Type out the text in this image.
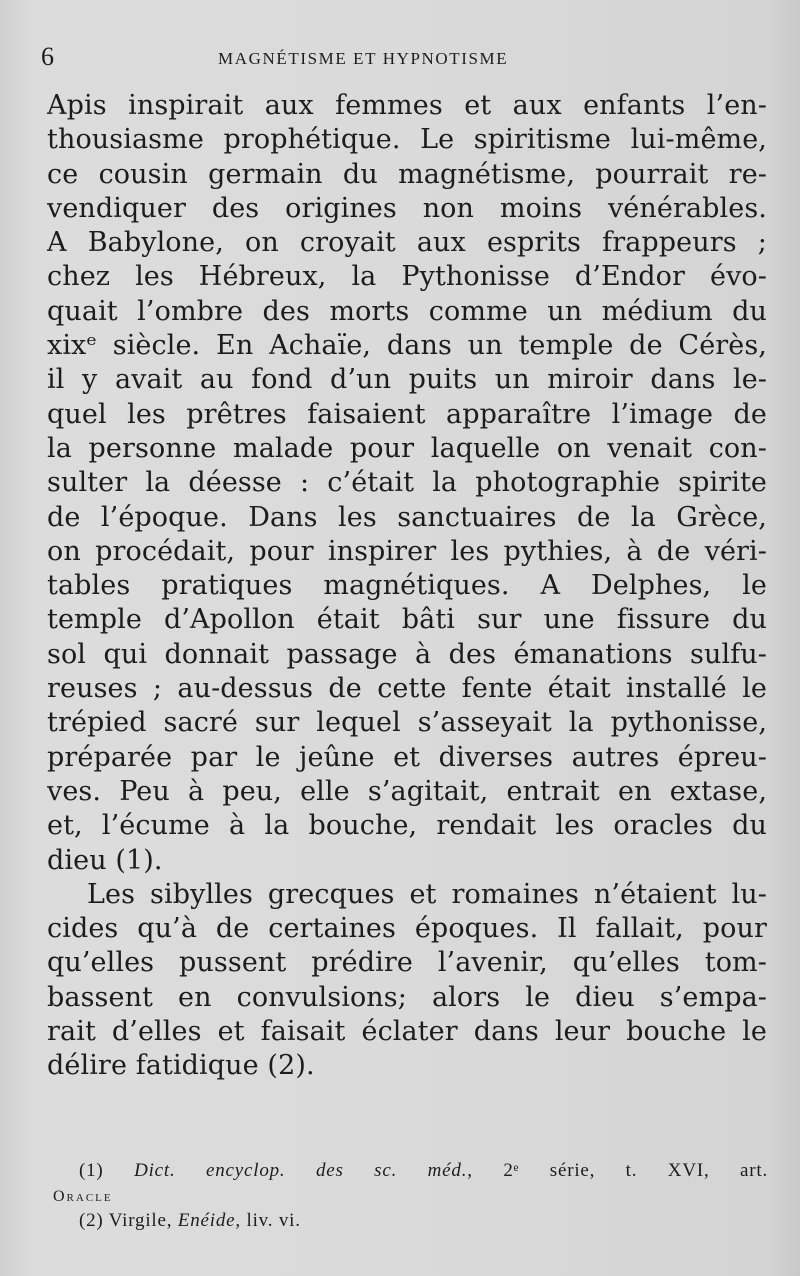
6	MAGNÉTISME ET HYPNOTISME
Apis inspirait aux femmes et aux enfants l’en-
thousiasme prophétique. Le spiritisme lui-même,
ce cousin germain du magnétisme, pourrait re-
vendiquer des origines non moins vénérables.
A Babylone, on croyait aux esprits frappeurs ;
chez les Hébreux, la Pythonisse d’Endor évo-
quait l’ombre des morts comme un médium du
xixᵉ siècle. En Achaïe, dans un temple de Cérès,
il y avait au fond d’un puits un miroir dans le-
quel les prêtres faisaient apparaître l’image de
la personne malade pour laquelle on venait con-
sulter la déesse : c’était la photographie spirite
de l’époque. Dans les sanctuaires de la Grèce,
on procédait, pour inspirer les pythies, à de véri-
tables pratiques magnétiques. A Delphes, le
temple d’Apollon était bâti sur une fissure du
sol qui donnait passage à des émanations sulfu-
reuses ; au-dessus de cette fente était installé le
trépied sacré sur lequel s’asseyait la pythonisse,
préparée par le jeûne et diverses autres épreu-
ves. Peu à peu, elle s’agitait, entrait en extase,
et, l’écume à la bouche, rendait les oracles du
dieu (1).
Les sibylles grecques et romaines n’étaient lu-
cides qu’à de certaines époques. Il fallait, pour
qu’elles pussent prédire l’avenir, qu’elles tom-
bassent en convulsions; alors le dieu s’empa-
rait d’elles et faisait éclater dans leur bouche le
délire fatidique (2).
(1) Dict. encyclop. des sc. méd., 2ᵉ série, t. XVI, art.
Oracle
(2) Virgile, Enéide, liv. vi.
